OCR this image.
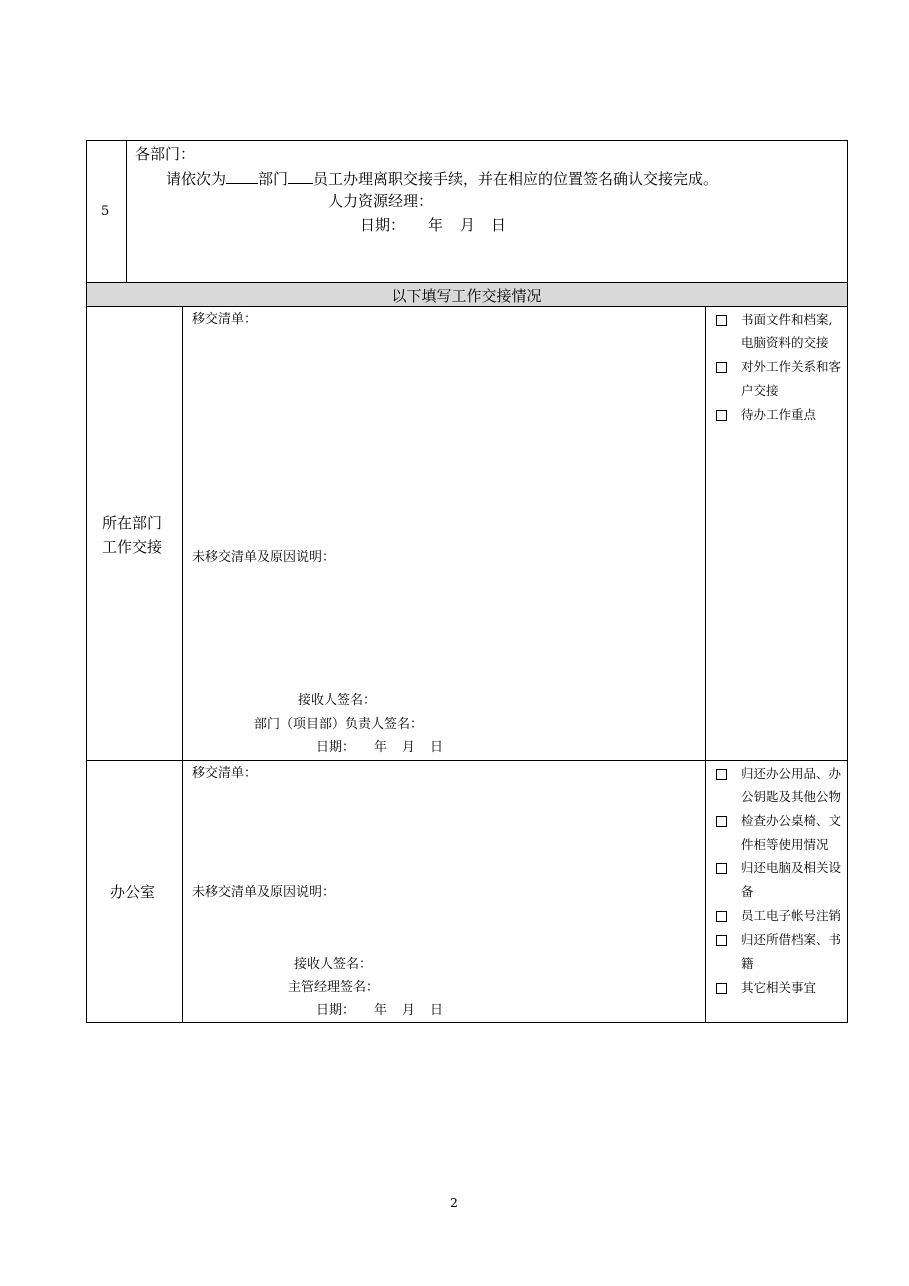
5
各部门：
请依次为 部门 员工办理离职交接手续，并在相应的位置签名确认交接完成。
人力资源经理：
日期： 年 月 日
以下填写工作交接情况
所在部门
工作交接
移交清单：
未移交清单及原因说明：
接收人签名：
部门（项目部）负责人签名：
日期： 年 月 日
书面文件和档案,
电脑资料的交接
对外工作关系和客
户交接
待办工作重点
办公室
移交清单：
未移交清单及原因说明：
接收人签名：
主管经理签名：
日期： 年 月 日
归还办公用品、办
公钥匙及其他公物
检查办公桌椅、文
件柜等使用情况
归还电脑及相关设
备
员工电子帐号注销
归还所借档案、书
籍
其它相关事宜
2
